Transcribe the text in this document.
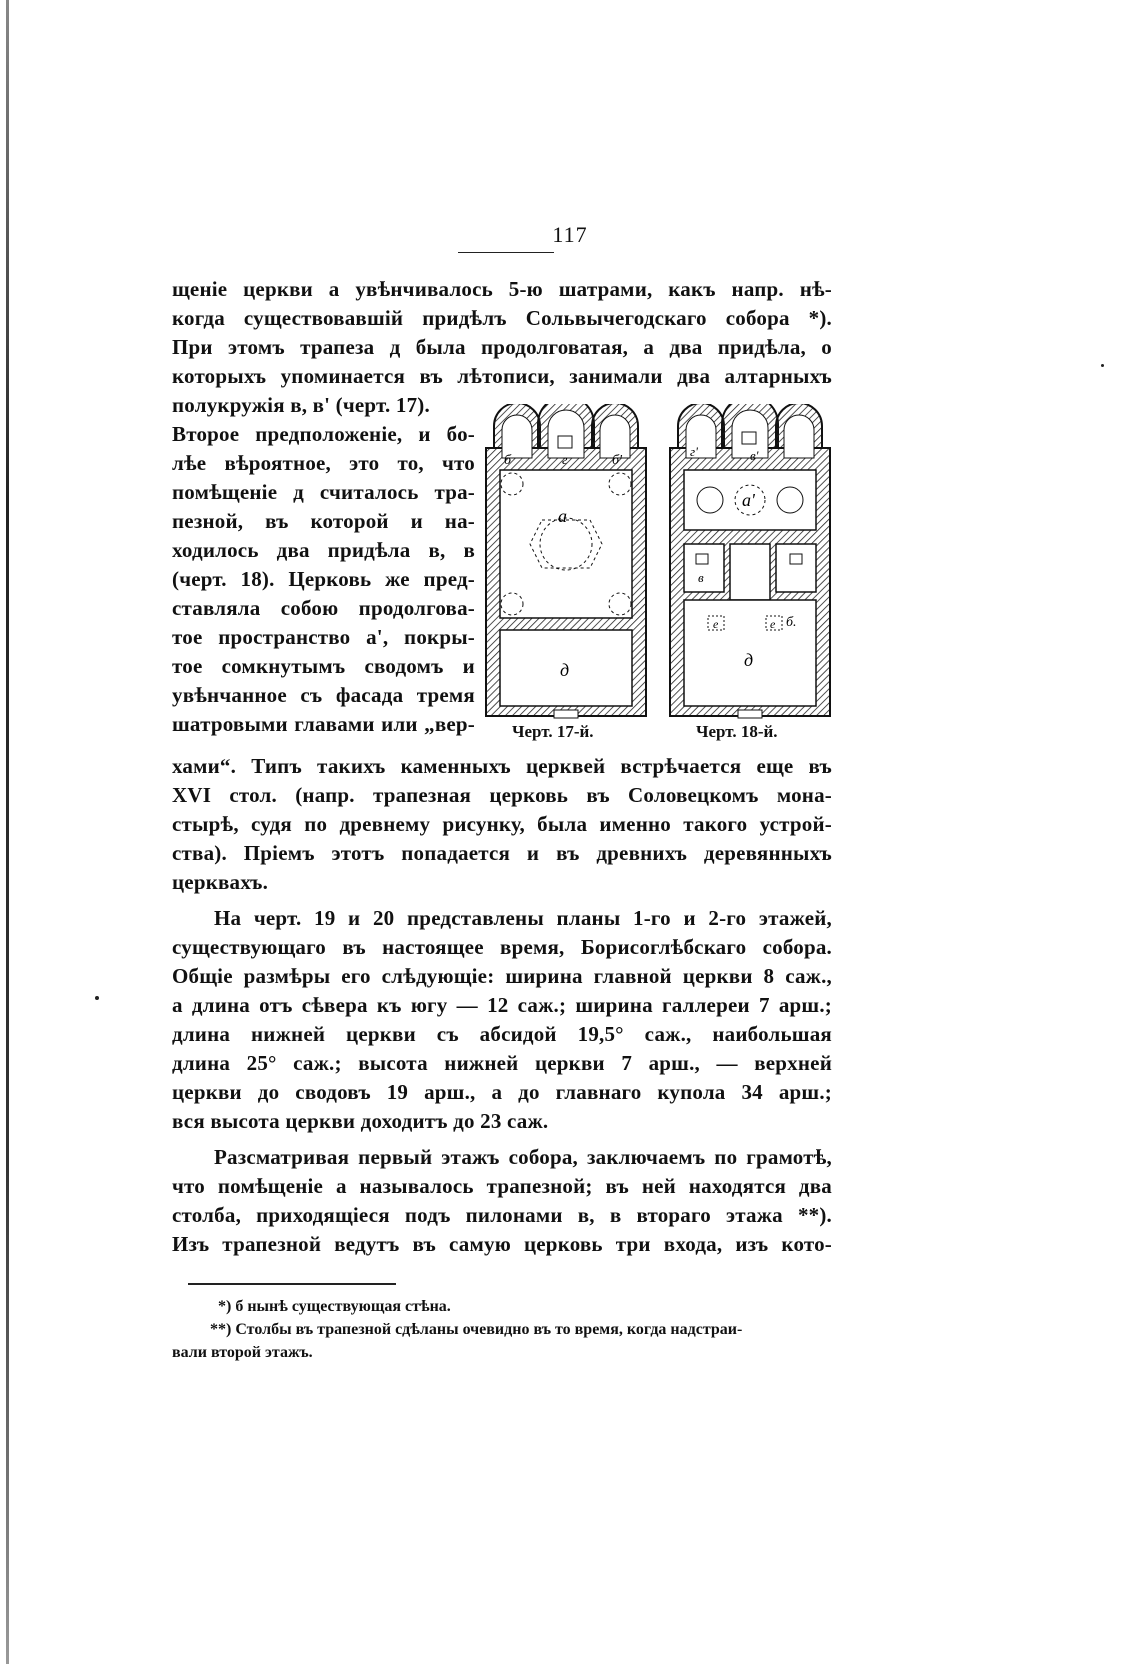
117
щеніе церкви а увѣнчивалось 5-ю шатрами, какъ напр. нѣ-
когда существовавшій придѣлъ Сольвычегодскаго собора *).
При этомъ трапеза д была продолговатая, а два придѣла, о
которыхъ упоминается въ лѣтописи, занимали два алтарныхъ
полукружія в, в' (черт. 17).
Второе предположеніе, и бо-
лѣе вѣроятное, это то, что
помѣщеніе д считалось тра-
пезной, въ которой и на-
ходилось два придѣла в, в
(черт. 18). Церковь же пред-
ставляла собою продолгова-
тое пространство а', покры-
тое сомкнутымъ сводомъ и
увѣнчанное съ фасада тремя
шатровыми главами или „вер-
хами“. Типъ такихъ каменныхъ церквей встрѣчается еще въ
XVI стол. (напр. трапезная церковь въ Соловецкомъ мона-
стырѣ, судя по древнему рисунку, была именно такого устрой-
ства). Пріемъ этотъ попадается и въ древнихъ деревянныхъ
церквахъ.
На черт. 19 и 20 представлены планы 1-го и 2-го этажей,
существующаго въ настоящее время, Борисоглѣбскаго собора.
Общіе размѣры его слѣдующіе: ширина главной церкви 8 саж.,
а длина отъ сѣвера къ югу — 12 саж.; ширина галлереи 7 арш.;
длина нижней церкви съ абсидой 19,5° саж., наибольшая
длина 25° саж.; высота нижней церкви 7 арш., — верхней
церкви до сводовъ 19 арш., а до главнаго купола 34 арш.;
вся высота церкви доходитъ до 23 саж.
Разсматривая первый этажъ собора, заключаемъ по грамотѣ,
что помѣщеніе а называлось трапезной; въ ней находятся два
столба, приходящіеся подъ пилонами в, в втораго этажа **).
Изъ трапезной ведутъ въ самую церковь три входа, изъ кото-
б	г	б'
а
д
г'	в'
а'
в
е	е б.
д
Черт. 17-й.	Черт. 18-й.
*) б нынѣ существующая стѣна.
**) Столбы въ трапезной сдѣланы очевидно въ то время, когда надстраи-
вали второй этажъ.
